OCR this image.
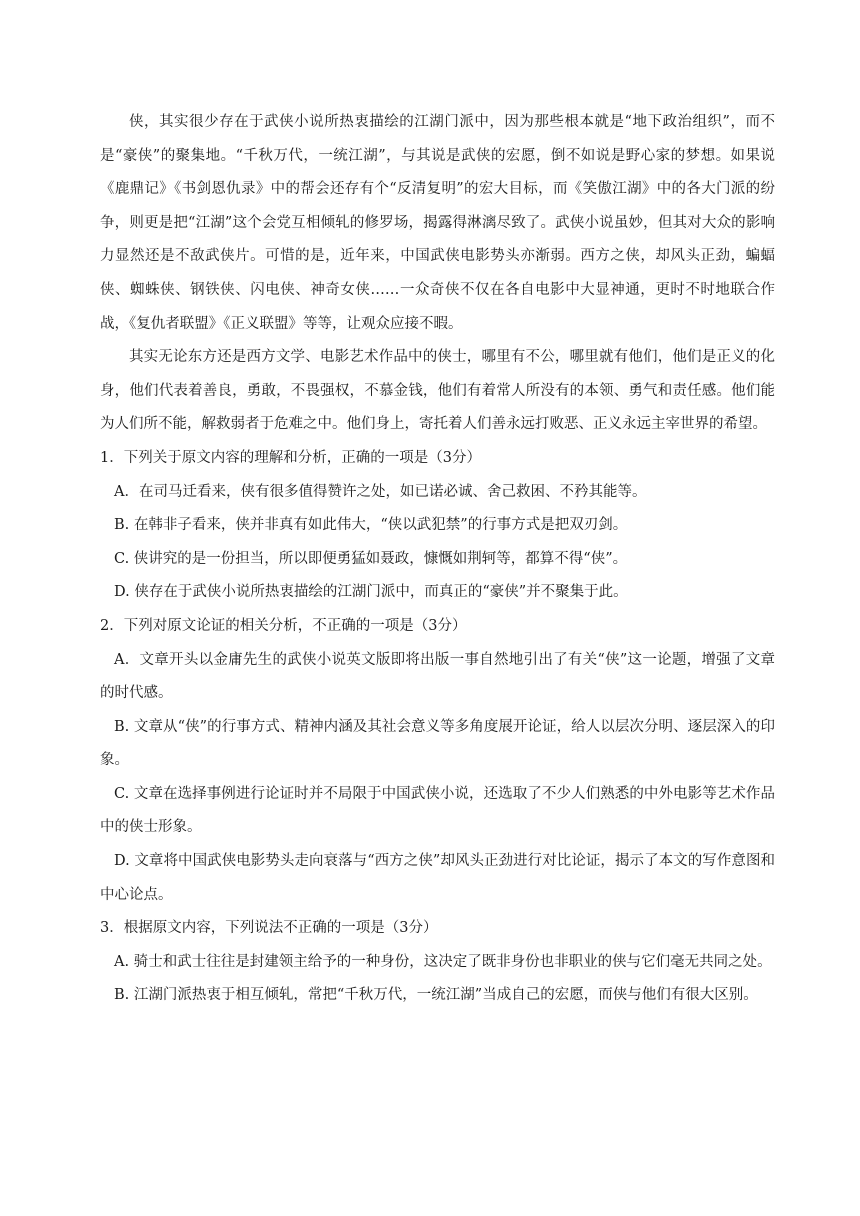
侠，其实很少存在于武侠小说所热衷描绘的江湖门派中，因为那些根本就是“地下政治组织”，而不是“豪侠”的聚集地。“千秋万代，一统江湖”，与其说是武侠的宏愿，倒不如说是野心家的梦想。如果说《鹿鼎记》《书剑恩仇录》中的帮会还存有个“反清复明”的宏大目标，而《笑傲江湖》中的各大门派的纷争，则更是把“江湖”这个会党互相倾轧的修罗场，揭露得淋漓尽致了。武侠小说虽妙，但其对大众的影响力显然还是不敌武侠片。可惜的是，近年来，中国武侠电影势头亦渐弱。西方之侠，却风头正劲，蝙蝠侠、蜘蛛侠、钢铁侠、闪电侠、神奇女侠……一众奇侠不仅在各自电影中大显神通，更时不时地联合作战，《复仇者联盟》《正义联盟》等等，让观众应接不暇。

其实无论东方还是西方文学、电影艺术作品中的侠士，哪里有不公，哪里就有他们，他们是正义的化身，他们代表着善良，勇敢，不畏强权，不慕金钱，他们有着常人所没有的本领、勇气和责任感。他们能为人们所不能，解救弱者于危难之中。他们身上，寄托着人们善永远打败恶、正义永远主宰世界的希望。

1．下列关于原文内容的理解和分析，正确的一项是（3分）

A．在司马迁看来，侠有很多值得赞许之处，如已诺必诚、舍己救困、不矜其能等。

B. 在韩非子看来，侠并非真有如此伟大，“侠以武犯禁”的行事方式是把双刃剑。

C. 侠讲究的是一份担当，所以即便勇猛如聂政，慷慨如荆轲等，都算不得“侠”。

D. 侠存在于武侠小说所热衷描绘的江湖门派中，而真正的“豪侠”并不聚集于此。

2．下列对原文论证的相关分析，不正确的一项是（3分）

A．文章开头以金庸先生的武侠小说英文版即将出版一事自然地引出了有关“侠”这一论题，增强了文章的时代感。

B. 文章从“侠”的行事方式、精神内涵及其社会意义等多角度展开论证，给人以层次分明、逐层深入的印象。

C. 文章在选择事例进行论证时并不局限于中国武侠小说，还选取了不少人们熟悉的中外电影等艺术作品中的侠士形象。

D. 文章将中国武侠电影势头走向衰落与“西方之侠”却风头正劲进行对比论证，揭示了本文的写作意图和中心论点。

3．根据原文内容，下列说法不正确的一项是（3分）

A. 骑士和武士往往是封建领主给予的一种身份，这决定了既非身份也非职业的侠与它们毫无共同之处。

B. 江湖门派热衷于相互倾轧，常把“千秋万代，一统江湖”当成自己的宏愿，而侠与他们有很大区别。
